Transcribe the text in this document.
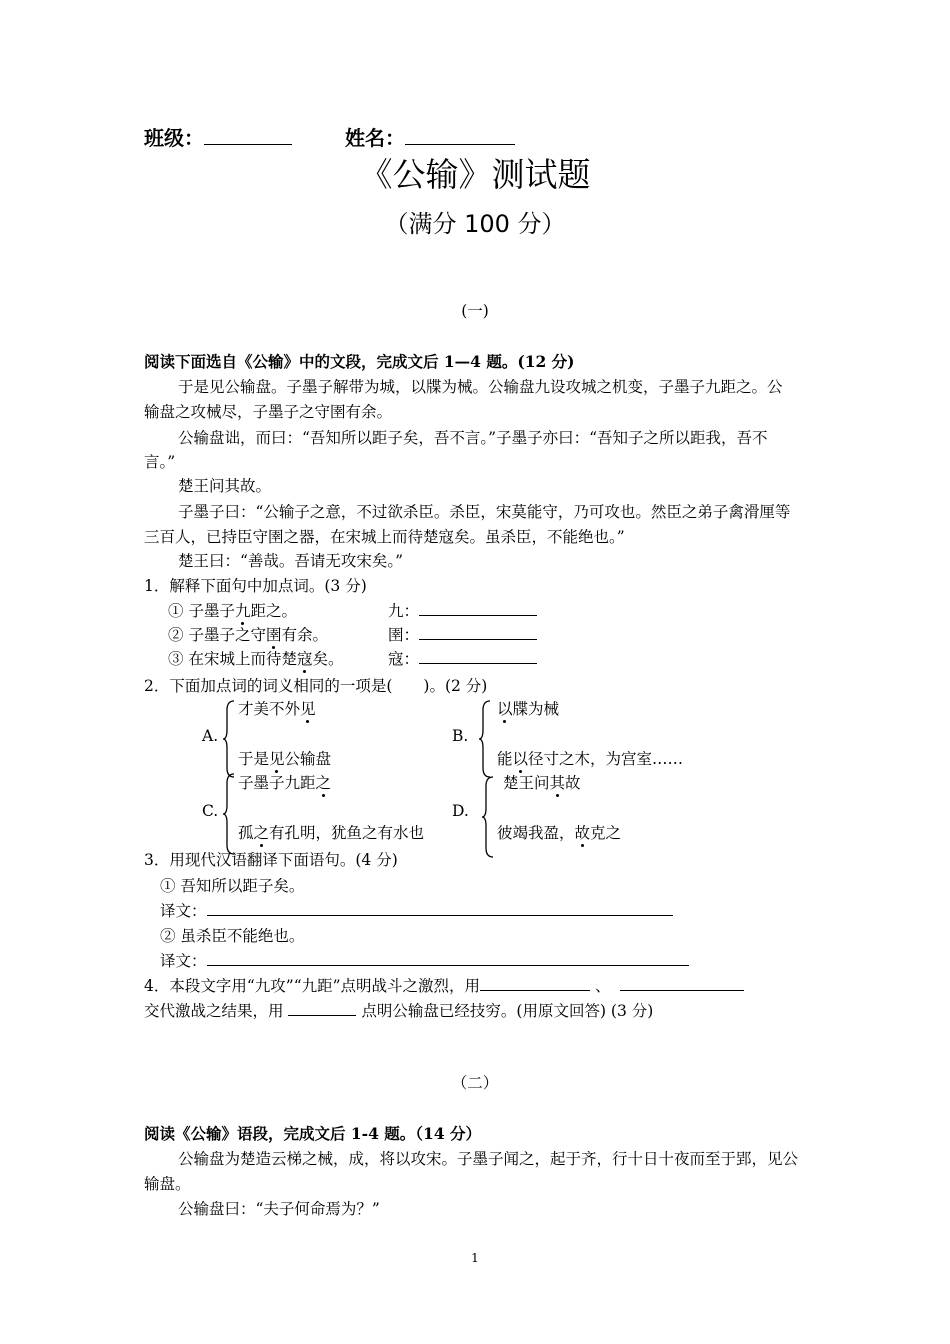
班级：	姓名：
《公输》测试题
（满分 100 分）
(一)
阅读下面选自《公输》中的文段，完成文后 1—4 题。(12 分)
于是见公输盘。子墨子解带为城，以牒为械。公输盘九设攻城之机变，子墨子九距之。公
输盘之攻械尽，子墨子之守圉有余。
公输盘诎，而曰：“吾知所以距子矣，吾不言。”子墨子亦曰：“吾知子之所以距我，吾不
言。”
楚王问其故。
子墨子曰：“公输子之意，不过欲杀臣。杀臣，宋莫能守，乃可攻也。然臣之弟子禽滑厘等
三百人，已持臣守圉之器，在宋城上而待楚寇矣。虽杀臣，不能绝也。”
楚王曰：“善哉。吾请无攻宋矣。”
1．解释下面句中加点词。(3 分)
① 子墨子九距之。	九：
② 子墨子之守圉有余。	圉：
③ 在宋城上而待楚寇矣。	寇：
2．下面加点词的词义相同的一项是(　　)。(2 分)
A.
才美不外见
于是见公输盘
B.
以牒为械
能以径寸之木，为宫室……
C.
子墨子九距之
孤之有孔明，犹鱼之有水也
D.
楚王问其故
彼竭我盈，故克之
3．用现代汉语翻译下面语句。(4 分)
① 吾知所以距子矣。
译文：
② 虽杀臣不能绝也。
译文：
4．本段文字用“九攻”“九距”点明战斗之激烈，用	、
交代激战之结果，用	点明公输盘已经技穷。(用原文回答) (3 分)
（二）
阅读《公输》语段，完成文后 1-4 题。（14 分）
公输盘为楚造云梯之械，成，将以攻宋。子墨子闻之，起于齐，行十日十夜而至于郢，见公
输盘。
公输盘曰：“夫子何命焉为？”
1
